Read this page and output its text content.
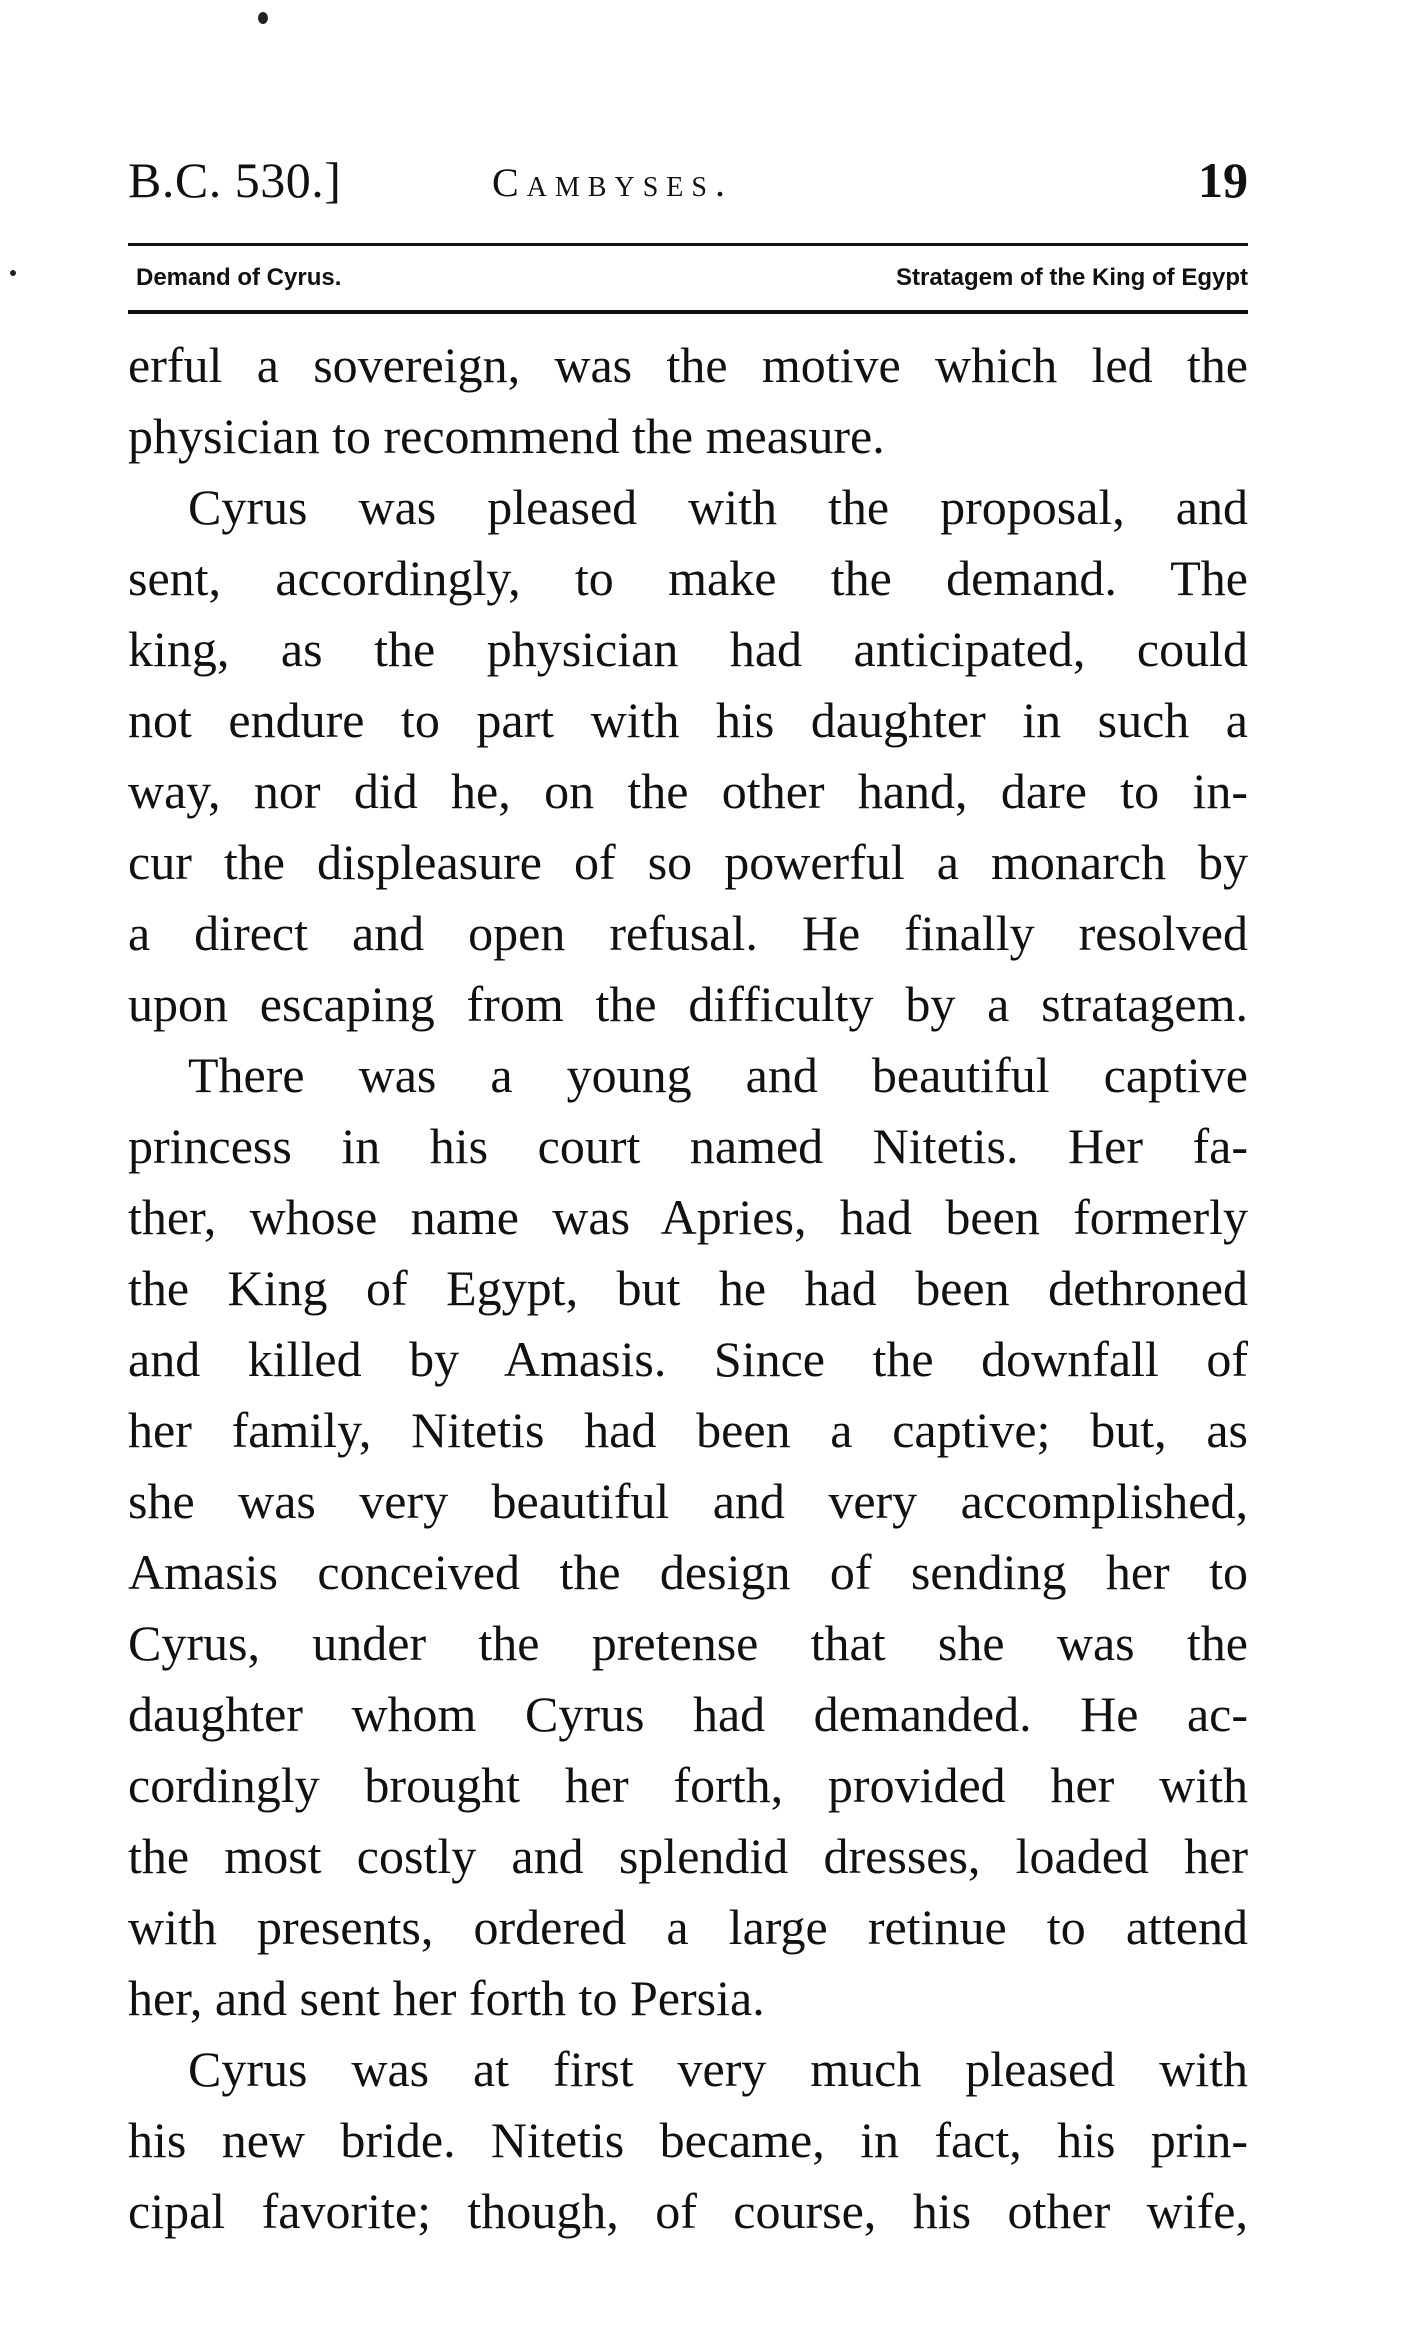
B.C. 530.]	Cambyses.	19
Demand of Cyrus.	Stratagem of the King of Egypt
erful a sovereign, was the motive which led the
physician to recommend the measure.
Cyrus was pleased with the proposal, and
sent, accordingly, to make the demand. The
king, as the physician had anticipated, could
not endure to part with his daughter in such a
way, nor did he, on the other hand, dare to in-
cur the displeasure of so powerful a monarch by
a direct and open refusal. He finally resolved
upon escaping from the difficulty by a stratagem.
There was a young and beautiful captive
princess in his court named Nitetis. Her fa-
ther, whose name was Apries, had been formerly
the King of Egypt, but he had been dethroned
and killed by Amasis. Since the downfall of
her family, Nitetis had been a captive; but, as
she was very beautiful and very accomplished,
Amasis conceived the design of sending her to
Cyrus, under the pretense that she was the
daughter whom Cyrus had demanded. He ac-
cordingly brought her forth, provided her with
the most costly and splendid dresses, loaded her
with presents, ordered a large retinue to attend
her, and sent her forth to Persia.
Cyrus was at first very much pleased with
his new bride. Nitetis became, in fact, his prin-
cipal favorite; though, of course, his other wife,
